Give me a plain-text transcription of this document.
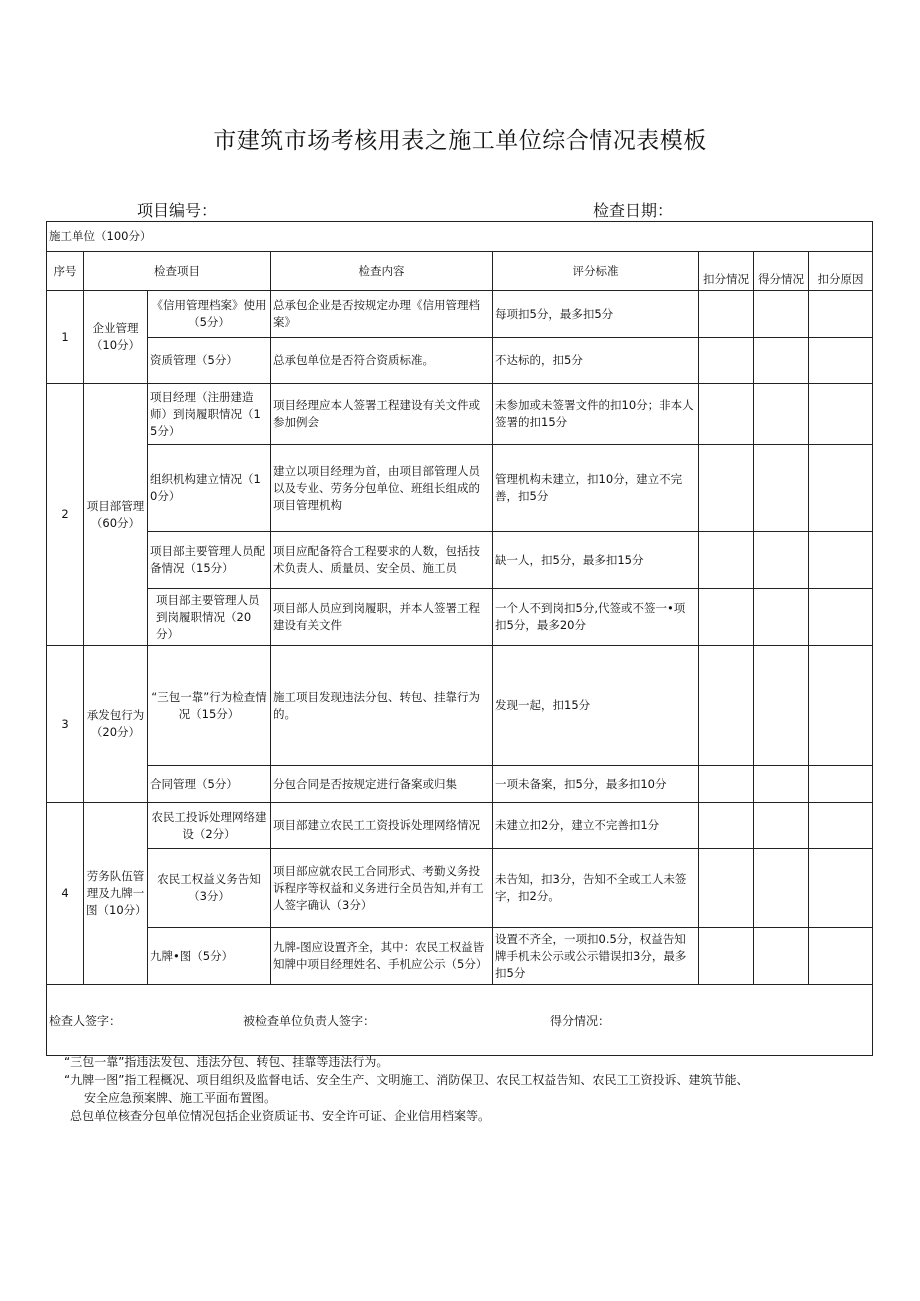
市建筑市场考核用表之施工单位综合情况表模板
项目编号：	检查日期：
施工单位（100分）							
序号	检查项目		检查内容	评分标准	扣分情况	得分情况	扣分原因
1	企业管理（10分）	《信用管理档案》使用（5分）	总承包企业是否按规定办理《信用管理档案》	每项扣5分，最多扣5分			
		资质管理（5分）	总承包单位是否符合资质标准。	不达标的，扣5分			
2	项目部管理（60分）	项目经理（注册建造师）到岗履职情况（15分）	项目经理应本人签署工程建设有关文件或参加例会	未参加或未签署文件的扣10分；非本人签署的扣15分			
		组织机构建立情况（10分）	建立以项目经理为首，由项目部管理人员以及专业、劳务分包单位、班组长组成的项目管理机构	管理机构未建立，扣10分，建立不完善，扣5分			
		项目部主要管理人员配备情况（15分）	项目应配备符合工程要求的人数，包括技术负责人、质量员、安全员、施工员	缺一人，扣5分，最多扣15分			
		项目部主要管理人员到岗履职情况（20分）	项目部人员应到岗履职，并本人签署工程建设有关文件	一个人不到岗扣5分,代签或不签一•项扣5分，最多20分			
3	承发包行为（20分）	“三包一靠”行为检查情况（15分）	施工项目发现违法分包、转包、挂靠行为的。	发现一起，扣15分			
		合同管理（5分）	分包合同是否按规定进行备案或归集	一项未备案，扣5分，最多扣10分			
4	劳务队伍管理及九牌一图（10分）	农民工投诉处理网络建设（2分）	项目部建立农民工工资投诉处理网络情况	未建立扣2分，建立不完善扣1分			
		农民工权益义务告知（3分）	项目部应就农民工合同形式、考勤义务投诉程序等权益和义务进行全员告知,并有工人签字确认（3分）	未告知，扣3分，告知不全或工人未签字，扣2分。			
		九牌•图（5分）	九牌-图应设置齐全，其中：农民工权益皆知牌中项目经理姓名、手机应公示（5分）	设置不齐全，一项扣0.5分，权益告知牌手机未公示或公示错误扣3分，最多扣5分			

检查人签字： 被检查单位负责人签字： 得分情况：							
“三包一靠”指违法发包、违法分包、转包、挂靠等违法行为。
“九牌一图”指工程概况、项目组织及监督电话、安全生产、文明施工、消防保卫、农民工权益告知、农民工工资投诉、建筑节能、
安全应急预案牌、施工平面布置图。
总包单位核查分包单位情况包括企业资质证书、安全许可证、企业信用档案等。
